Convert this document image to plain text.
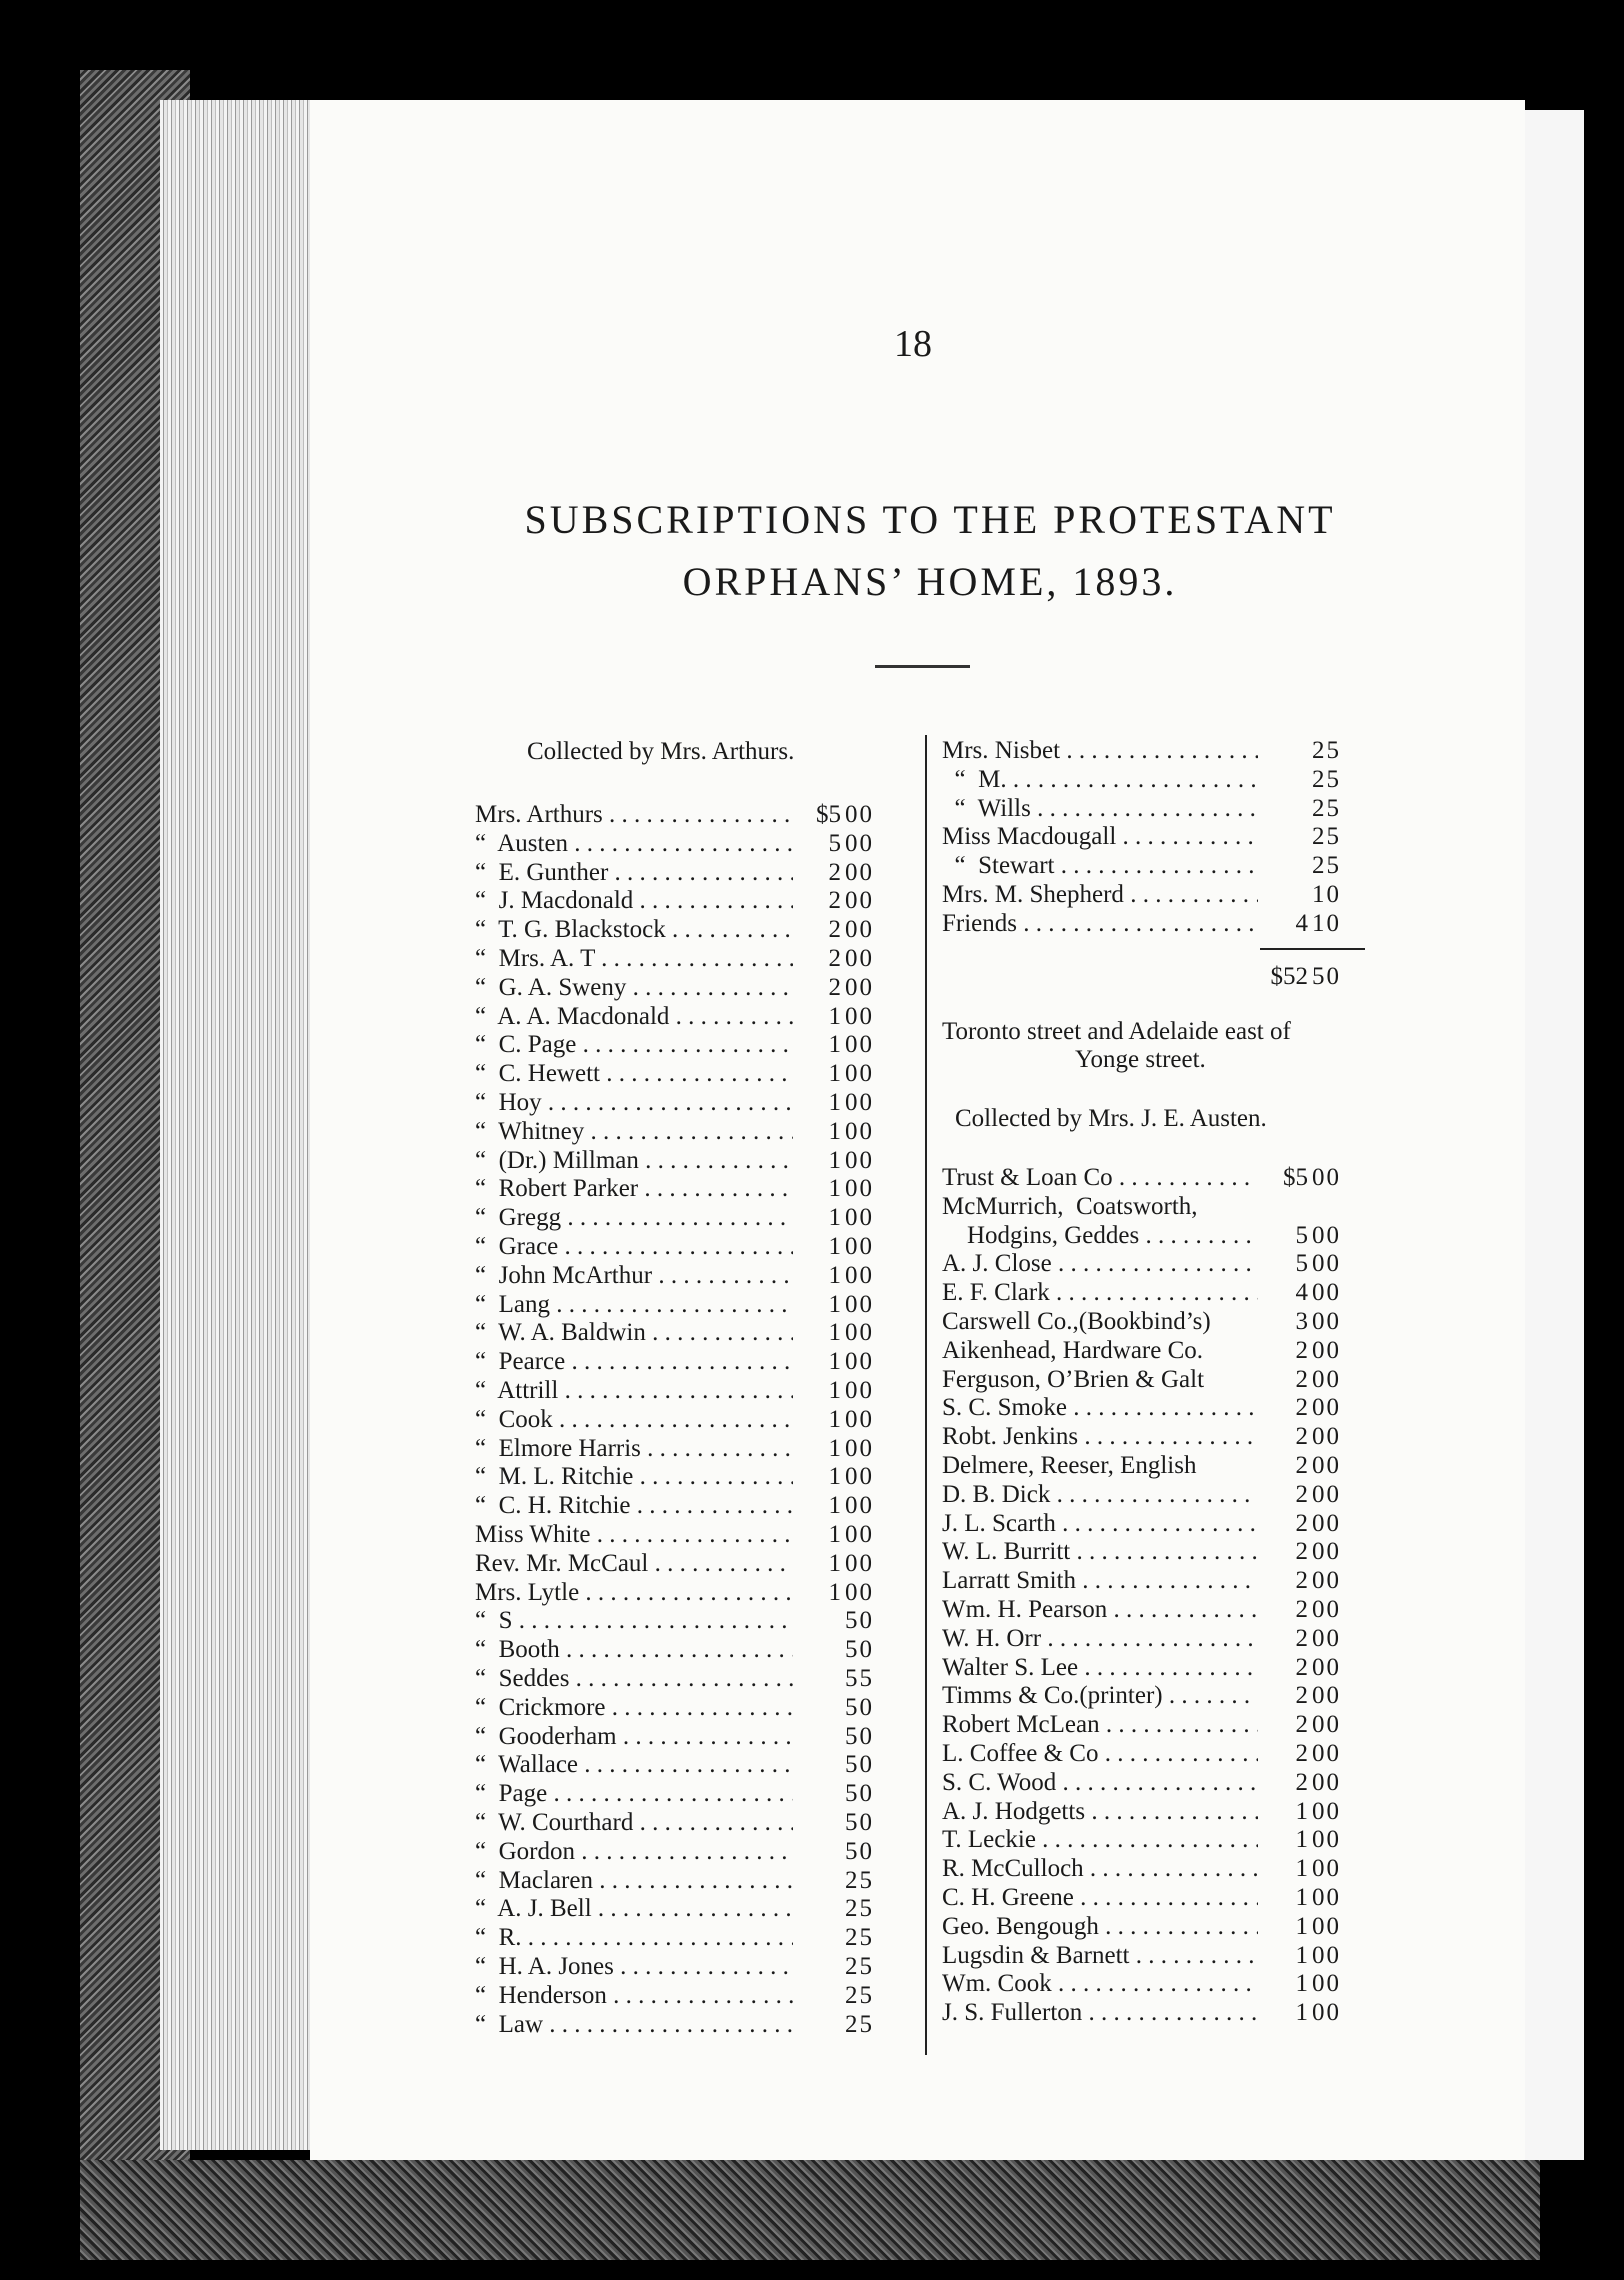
18
SUBSCRIPTIONS TO THE PROTESTANT
ORPHANS’ HOME, 1893.
Collected by Mrs. Arthurs.
Mrs. Arthurs . . .	$5 00
“  Austen . . .	5 00
“  E. Gunther . . .	2 00
“  J. Macdonald . . .	2 00
“  T. G. Blackstock . . .	2 00
“  Mrs. A. T . . .	2 00
“  G. A. Sweny . . .	2 00
“  A. A. Macdonald . . .	1 00
“  C. Page . . .	1 00
“  C. Hewett . . .	1 00
“  Hoy . . .	1 00
“  Whitney . . .	1 00
“  (Dr.) Millman . . .	1 00
“  Robert Parker . . .	1 00
“  Gregg . . .	1 00
“  Grace . . .	1 00
“  John McArthur . . .	1 00
“  Lang . . .	1 00
“  W. A. Baldwin . . .	1 00
“  Pearce . . .	1 00
“  Attrill . . .	1 00
“  Cook . . .	1 00
“  Elmore Harris . . .	1 00
“  M. L. Ritchie . . .	1 00
“  C. H. Ritchie . . .	1 00
Miss White . . .	1 00
Rev. Mr. McCaul . . .	1 00
Mrs. Lytle . . .	1 00
“  S . . .	50
“  Booth . . .	50
“  Seddes . . .	55
“  Crickmore . . .	50
“  Gooderham . . .	50
“  Wallace . . .	50
“  Page . . .	50
“  W. Courthard . . .	50
“  Gordon . . .	50
“  Maclaren . . .	25
“  A. J. Bell . . .	25
“  R. . . .	25
“  H. A. Jones . . .	25
“  Henderson . . .	25
“  Law . . .	25
Mrs. Nisbet . . .	25
“  M. . . .	25
“  Wills . . .	25
Miss Macdougall . . .	25
“  Stewart . . .	25
Mrs. M. Shepherd . . .	10
Friends . . .	4 10
$52 50
Toronto street and Adelaide east of
Yonge street.
Collected by Mrs. J. E. Austen.
Trust & Loan Co . . .	$5 00
McMurrich,  Coatsworth,
Hodgins, Geddes . . .	5 00
A. J. Close . . .	5 00
E. F. Clark . . .	4 00
Carswell Co.,(Bookbind’s)	3 00
Aikenhead, Hardware Co.	2 00
Ferguson, O’Brien & Galt	2 00
S. C. Smoke . . .	2 00
Robt. Jenkins . . .	2 00
Delmere, Reeser, English	2 00
D. B. Dick . . .	2 00
J. L. Scarth . . .	2 00
W. L. Burritt . . .	2 00
Larratt Smith . . .	2 00
Wm. H. Pearson . . .	2 00
W. H. Orr . . .	2 00
Walter S. Lee . . .	2 00
Timms & Co.(printer) . . .	2 00
Robert McLean . . .	2 00
L. Coffee & Co . . .	2 00
S. C. Wood . . .	2 00
A. J. Hodgetts . . .	1 00
T. Leckie . . .	1 00
R. McCulloch . . .	1 00
C. H. Greene . . .	1 00
Geo. Bengough . . .	1 00
Lugsdin & Barnett . . .	1 00
Wm. Cook . . .	1 00
J. S. Fullerton . . .	1 00
